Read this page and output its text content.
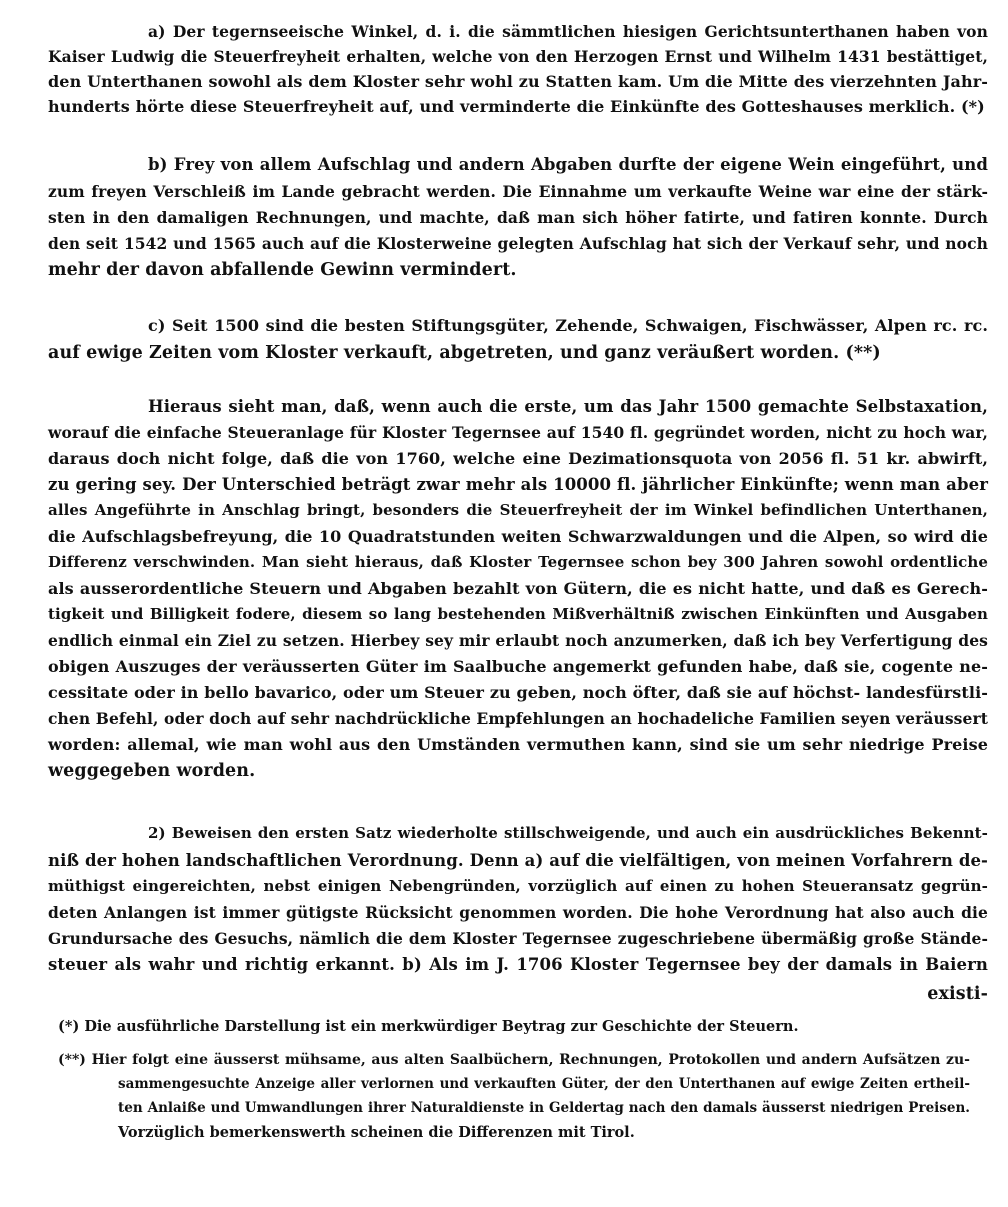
a) Der tegernseeische Winkel, d. i. die sämmtlichen hiesigen Gerichtsunterthanen haben von
Kaiser Ludwig die Steuerfreyheit erhalten, welche von den Herzogen Ernst und Wilhelm 1431 bestättiget,
den Unterthanen sowohl als dem Kloster sehr wohl zu Statten kam. Um die Mitte des vierzehnten Jahr-
hunderts hörte diese Steuerfreyheit auf, und verminderte die Einkünfte des Gotteshauses merklich. (*)
b) Frey von allem Aufschlag und andern Abgaben durfte der eigene Wein eingeführt, und
zum freyen Verschleiß im Lande gebracht werden. Die Einnahme um verkaufte Weine war eine der stärk-
sten in den damaligen Rechnungen, und machte, daß man sich höher fatirte, und fatiren konnte. Durch
den seit 1542 und 1565 auch auf die Klosterweine gelegten Aufschlag hat sich der Verkauf sehr, und noch
mehr der davon abfallende Gewinn vermindert.
c) Seit 1500 sind die besten Stiftungsgüter, Zehende, Schwaigen, Fischwässer, Alpen rc. rc.
auf ewige Zeiten vom Kloster verkauft, abgetreten, und ganz veräußert worden. (**)
Hieraus sieht man, daß, wenn auch die erste, um das Jahr 1500 gemachte Selbstaxation,
worauf die einfache Steueranlage für Kloster Tegernsee auf 1540 fl. gegründet worden, nicht zu hoch war,
daraus doch nicht folge, daß die von 1760, welche eine Dezimationsquota von 2056 fl. 51 kr. abwirft,
zu gering sey. Der Unterschied beträgt zwar mehr als 10000 fl. jährlicher Einkünfte; wenn man aber
alles Angeführte in Anschlag bringt, besonders die Steuerfreyheit der im Winkel befindlichen Unterthanen,
die Aufschlagsbefreyung, die 10 Quadratstunden weiten Schwarzwaldungen und die Alpen, so wird die
Differenz verschwinden. Man sieht hieraus, daß Kloster Tegernsee schon bey 300 Jahren sowohl ordentliche
als ausserordentliche Steuern und Abgaben bezahlt von Gütern, die es nicht hatte, und daß es Gerech-
tigkeit und Billigkeit fodere, diesem so lang bestehenden Mißverhältniß zwischen Einkünften und Ausgaben
endlich einmal ein Ziel zu setzen. Hierbey sey mir erlaubt noch anzumerken, daß ich bey Verfertigung des
obigen Auszuges der veräusserten Güter im Saalbuche angemerkt gefunden habe, daß sie, cogente ne-
cessitate oder in bello bavarico, oder um Steuer zu geben, noch öfter, daß sie auf höchst- landesfürstli-
chen Befehl, oder doch auf sehr nachdrückliche Empfehlungen an hochadeliche Familien seyen veräussert
worden: allemal, wie man wohl aus den Umständen vermuthen kann, sind sie um sehr niedrige Preise
weggegeben worden.
2) Beweisen den ersten Satz wiederholte stillschweigende, und auch ein ausdrückliches Bekennt-
niß der hohen landschaftlichen Verordnung. Denn a) auf die vielfältigen, von meinen Vorfahrern de-
müthigst eingereichten, nebst einigen Nebengründen, vorzüglich auf einen zu hohen Steueransatz gegrün-
deten Anlangen ist immer gütigste Rücksicht genommen worden. Die hohe Verordnung hat also auch die
Grundursache des Gesuchs, nämlich die dem Kloster Tegernsee zugeschriebene übermäßig große Stände-
steuer als wahr und richtig erkannt. b) Als im J. 1706 Kloster Tegernsee bey der damals in Baiern
existi-
(*) Die ausführliche Darstellung ist ein merkwürdiger Beytrag zur Geschichte der Steuern.
(**) Hier folgt eine äusserst mühsame, aus alten Saalbüchern, Rechnungen, Protokollen und andern Aufsätzen zu-
sammengesuchte Anzeige aller verlornen und verkauften Güter, der den Unterthanen auf ewige Zeiten ertheil-
ten Anlaiße und Umwandlungen ihrer Naturaldienste in Geldertag nach den damals äusserst niedrigen Preisen.
Vorzüglich bemerkenswerth scheinen die Differenzen mit Tirol.
